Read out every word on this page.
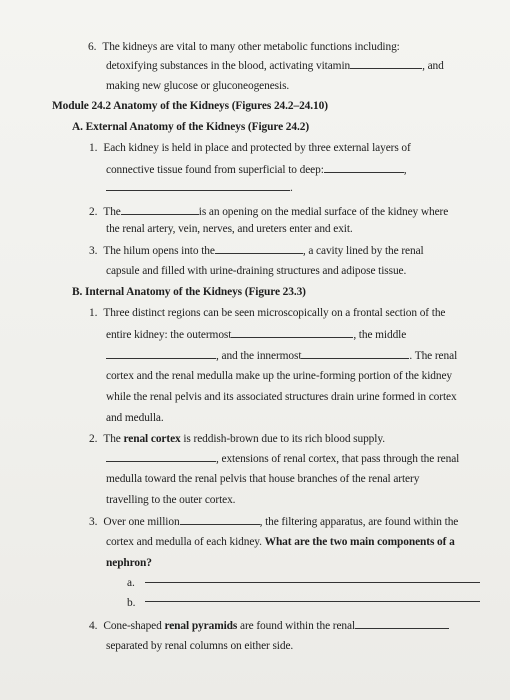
6. The kidneys are vital to many other metabolic functions including:
detoxifying substances in the blood, activating vitamin	, and
making new glucose or gluconeogenesis.
Module 24.2 Anatomy of the Kidneys (Figures 24.2–24.10)
A. External Anatomy of the Kidneys (Figure 24.2)
1. Each kidney is held in place and protected by three external layers of
connective tissue found from superficial to deep:	,
.
2. The	is an opening on the medial surface of the kidney where
the renal artery, vein, nerves, and ureters enter and exit.
3. The hilum opens into the	, a cavity lined by the renal
capsule and filled with urine-draining structures and adipose tissue.
B. Internal Anatomy of the Kidneys (Figure 23.3)
1. Three distinct regions can be seen microscopically on a frontal section of the
entire kidney: the outermost	, the middle
, and the innermost	. The renal
cortex and the renal medulla make up the urine-forming portion of the kidney
while the renal pelvis and its associated structures drain urine formed in cortex
and medulla.
2. The renal cortex is reddish-brown due to its rich blood supply.
, extensions of renal cortex, that pass through the renal
medulla toward the renal pelvis that house branches of the renal artery
travelling to the outer cortex.
3. Over one million	, the filtering apparatus, are found within the
cortex and medulla of each kidney. What are the two main components of a
nephron?
a.
b.
4. Cone-shaped renal pyramids are found within the renal
separated by renal columns on either side.
